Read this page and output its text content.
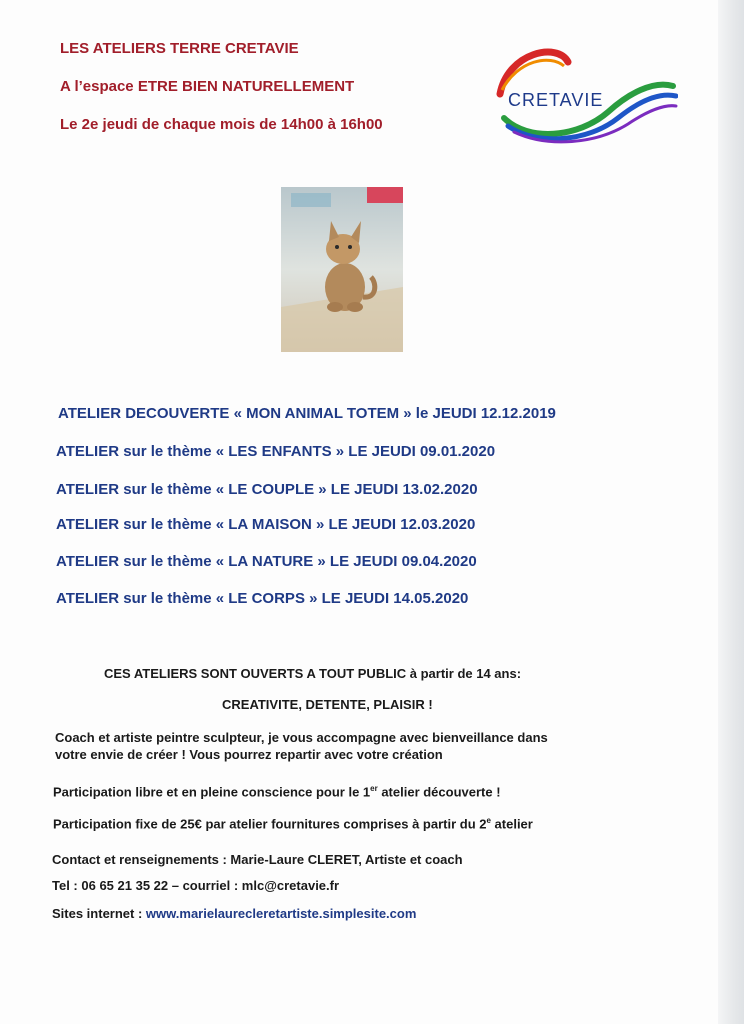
LES ATELIERS TERRE CRETAVIE
A l’espace ETRE BIEN NATURELLEMENT
Le 2e jeudi de chaque mois de 14h00 à 16h00
CRETAVIE
ATELIER DECOUVERTE « MON ANIMAL TOTEM » le JEUDI 12.12.2019
ATELIER sur le thème « LES ENFANTS » LE JEUDI 09.01.2020
ATELIER sur le thème « LE COUPLE » LE JEUDI 13.02.2020
ATELIER sur le thème « LA MAISON » LE JEUDI 12.03.2020
ATELIER sur le thème « LA NATURE » LE JEUDI 09.04.2020
ATELIER sur le thème « LE CORPS » LE JEUDI 14.05.2020
CES ATELIERS SONT OUVERTS A TOUT PUBLIC à partir de 14 ans:
CREATIVITE, DETENTE, PLAISIR !
Coach et artiste peintre sculpteur, je vous accompagne avec bienveillance dans
votre envie de créer ! Vous pourrez repartir avec votre création
Participation libre et en pleine conscience pour le 1er atelier découverte !
Participation fixe de 25€ par atelier fournitures comprises à partir du 2e atelier
Contact et renseignements : Marie-Laure CLERET, Artiste et coach
Tel : 06 65 21 35 22 – courriel : mlc@cretavie.fr
Sites internet : www.marielaurecleretartiste.simplesite.com
